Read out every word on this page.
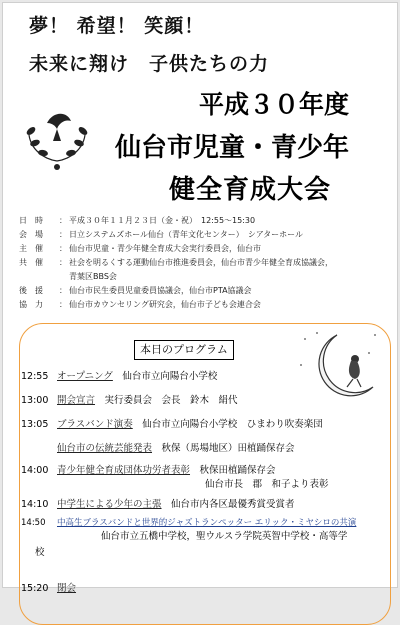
夢！ 希望！ 笑顔！
未来に翔け　子供たちの力
平成３０年度
仙台市児童・青少年
健全育成大会
日　時	： 平成３０年１１月２３日（金・祝）　12:55～15:30
会　場	： 日立システムズホール仙台（青年文化センター）　シアターホール
主　催	： 仙台市児童・青少年健全育成大会実行委員会，仙台市
共　催	： 社会を明るくする運動仙台市推進委員会，仙台市青少年健全育成協議会，
青葉区BBS会
後　援	： 仙台市民生委員児童委員協議会，仙台市PTA協議会
協　力	： 仙台市カウンセリング研究会，仙台市子ども会連合会
本日のプログラム
12:55 オープニング　 仙台市立向陽台小学校
13:00 開会宣言　 実行委員会　会長　鈴木　絹代
13:05 ブラスバンド演奏　 仙台市立向陽台小学校　ひまわり吹奏楽団
仙台市の伝統芸能発表　 秋保（馬場地区）田植踊保存会
14:00 青少年健全育成団体功労者表彰　 秋保田植踊保存会
仙台市長　郡　和子より表彰
14:10 中学生による少年の主張　 仙台市内各区最優秀賞受賞者
14:50 中高生ブラスバンドと世界的ジャズトランペッター エリック・ミヤシロの共演
仙台市立五橋中学校，聖ウルスラ学院英智中学校・高等学
校
15:20 閉会
